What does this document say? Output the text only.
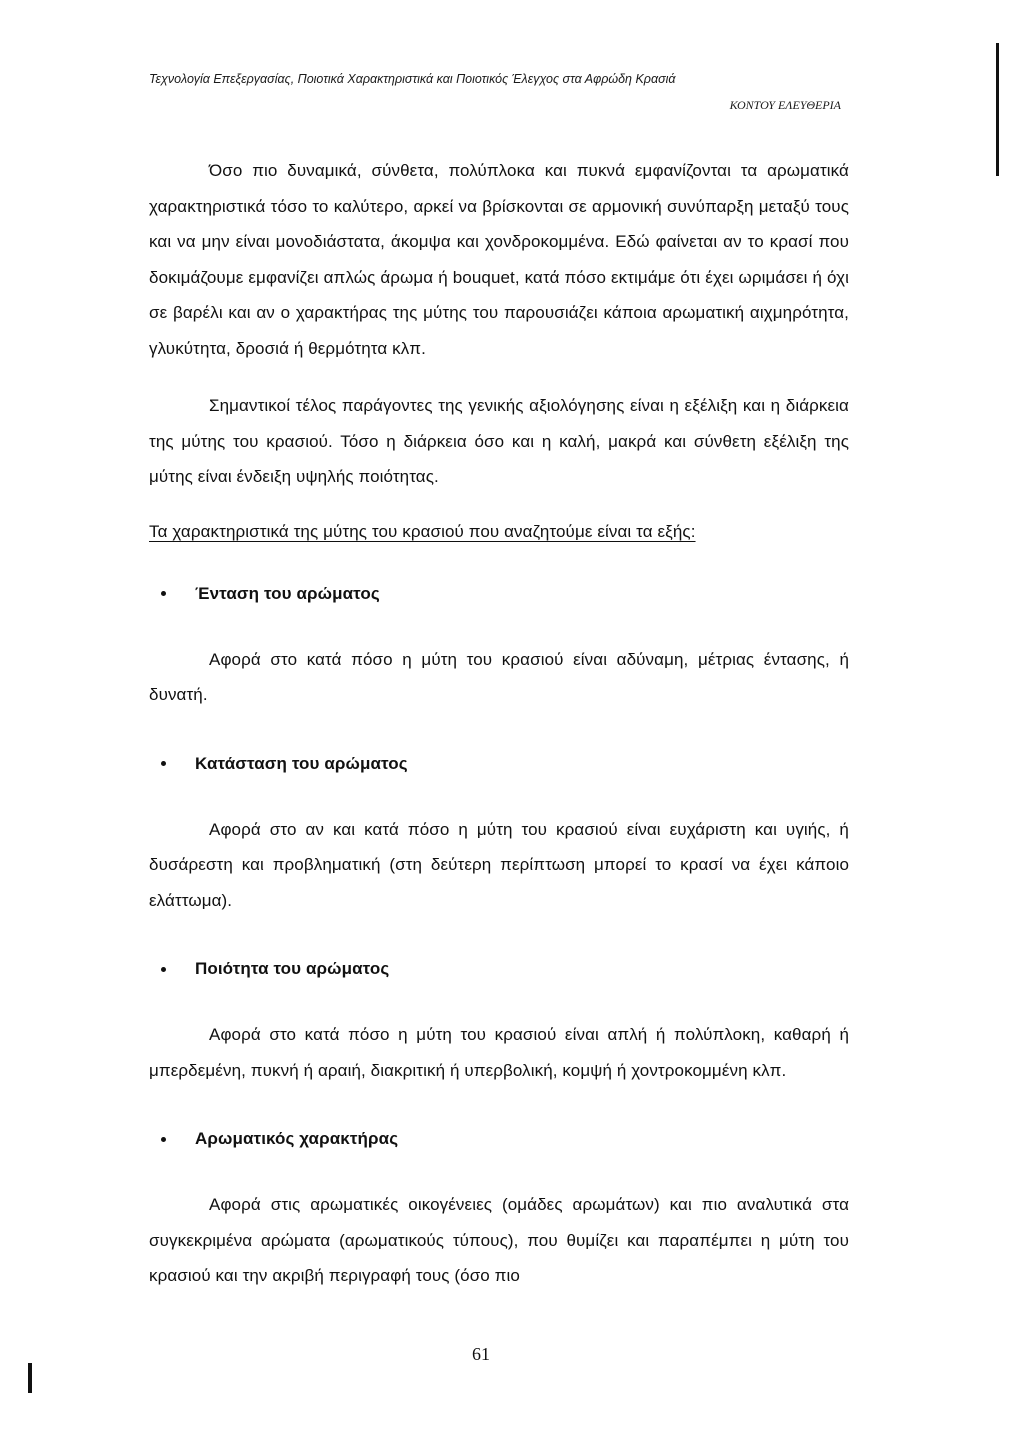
Τεχνολογία Επεξεργασίας, Ποιοτικά Χαρακτηριστικά και Ποιοτικός Έλεγχος στα Αφρώδη Κρασιά
ΚΟΝΤΟΥ ΕΛΕΥΘΕΡΙΑ

Όσο πιο δυναμικά, σύνθετα, πολύπλοκα και πυκνά εμφανίζονται τα αρωματικά χαρακτηριστικά τόσο το καλύτερο, αρκεί να βρίσκονται σε αρμονική συνύπαρξη μεταξύ τους και να μην είναι μονοδιάστατα, άκομψα και χονδροκομμένα. Εδώ φαίνεται αν το κρασί που δοκιμάζουμε εμφανίζει απλώς άρωμα ή bouquet, κατά πόσο εκτιμάμε ότι έχει ωριμάσει ή όχι σε βαρέλι και αν ο χαρακτήρας της μύτης του παρουσιάζει κάποια αρωματική αιχμηρότητα, γλυκύτητα, δροσιά ή θερμότητα κλπ.

Σημαντικοί τέλος παράγοντες της γενικής αξιολόγησης είναι η εξέλιξη και η διάρκεια της μύτης του κρασιού. Τόσο η διάρκεια όσο και η καλή, μακρά και σύνθετη εξέλιξη της μύτης είναι ένδειξη υψηλής ποιότητας.

Τα χαρακτηριστικά της μύτης του κρασιού που αναζητούμε είναι τα εξής:

Ένταση του αρώματος

Αφορά στο κατά πόσο η μύτη του κρασιού είναι αδύναμη, μέτριας έντασης, ή δυνατή.

Κατάσταση του αρώματος

Αφορά στο αν και κατά πόσο η μύτη του κρασιού είναι ευχάριστη και υγιής, ή δυσάρεστη και προβληματική (στη δεύτερη περίπτωση μπορεί το κρασί να έχει κάποιο ελάττωμα).

Ποιότητα του αρώματος

Αφορά στο κατά πόσο η μύτη του κρασιού είναι απλή ή πολύπλοκη, καθαρή ή μπερδεμένη, πυκνή ή αραιή, διακριτική ή υπερβολική, κομψή ή χοντροκομμένη κλπ.

Αρωματικός χαρακτήρας

Αφορά στις αρωματικές οικογένειες (ομάδες αρωμάτων) και πιο αναλυτικά στα συγκεκριμένα αρώματα (αρωματικούς τύπους), που θυμίζει και παραπέμπει η μύτη του κρασιού και την ακριβή περιγραφή τους (όσο πιο

61
